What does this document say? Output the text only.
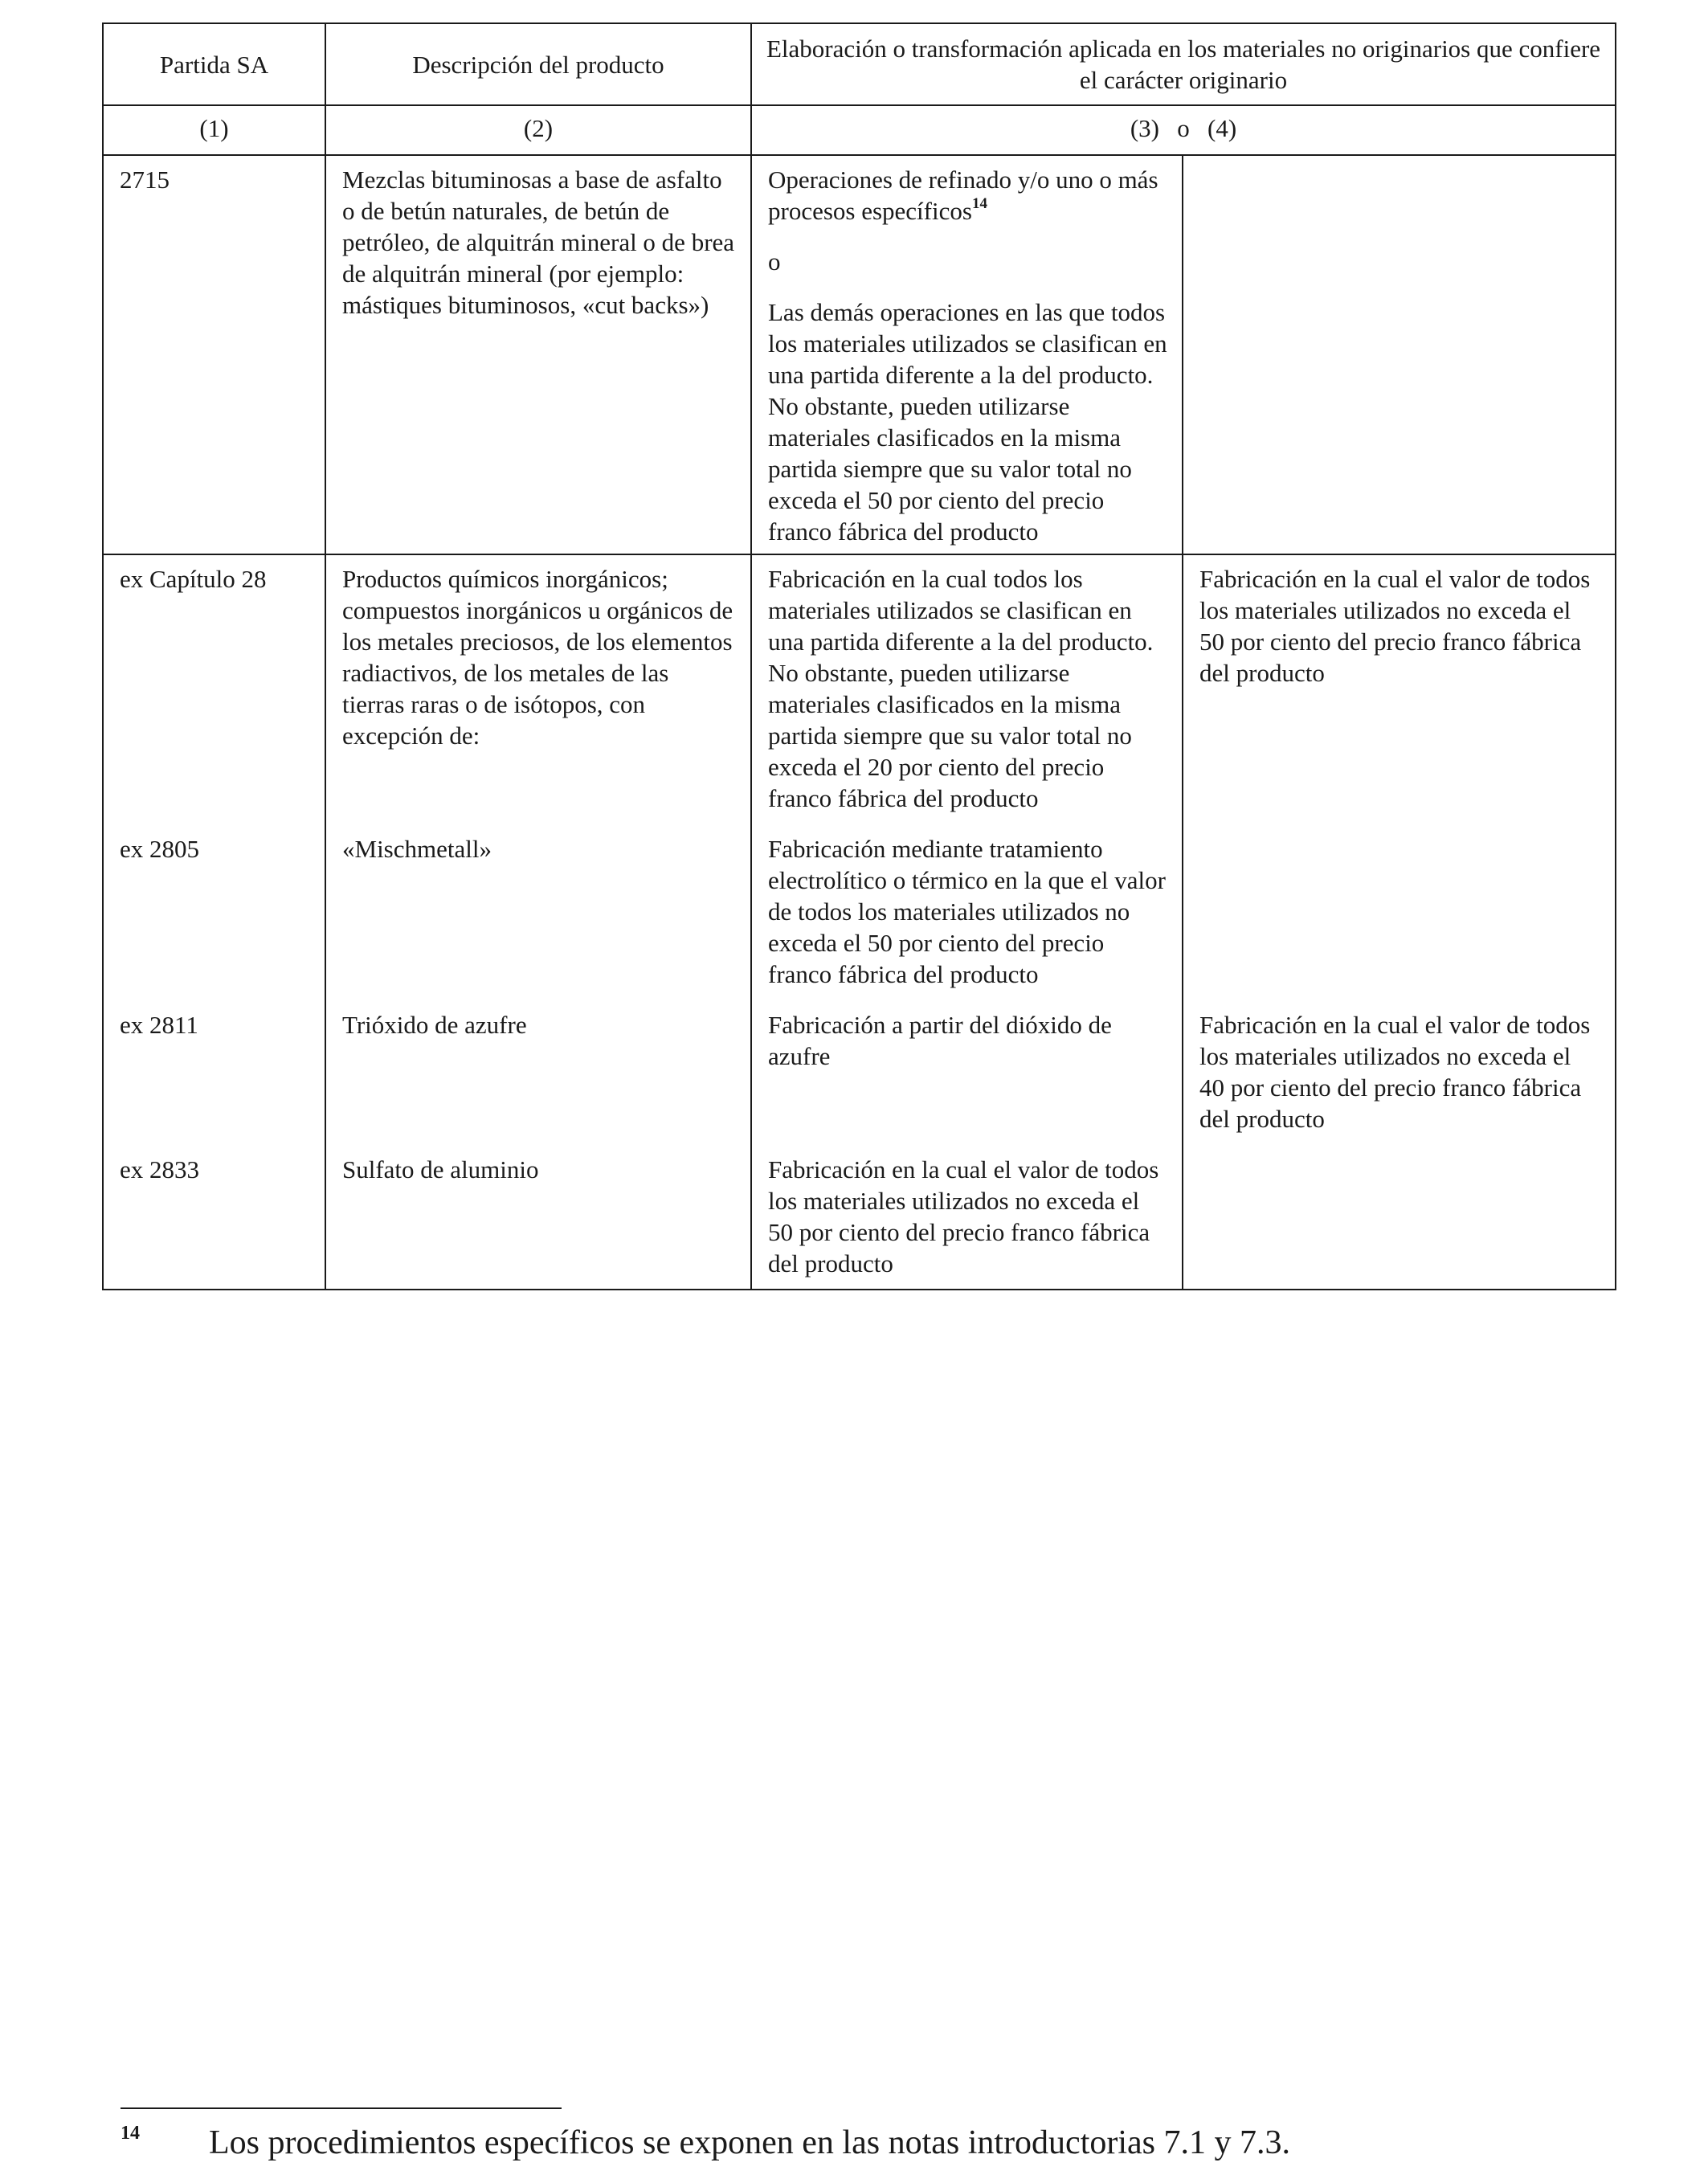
Partida SA	Descripción del producto	Elaboración o transformación aplicada en los materiales no originarios que confiere el carácter originario	
(1)	(2)	(3) o (4)	
2715	Mezclas bituminosas a base de asfalto o de betún naturales, de betún de petróleo, de alquitrán mineral o de brea de alquitrán mineral (por ejemplo: mástiques bituminosos, «cut backs»)	Operaciones de refinado y/o uno o más procesos específicos$^{14}$

o

Las demás operaciones en las que todos los materiales utilizados se clasifican en una partida diferente a la del producto. No obstante, pueden utilizarse materiales clasificados en la misma partida siempre que su valor total no exceda el 50 por ciento del precio franco fábrica del producto	

ex Capítulo 28	Productos químicos inorgánicos; compuestos inorgánicos u orgánicos de los metales preciosos, de los elementos radiactivos, de los metales de las tierras raras o de isótopos, con excepción de:	Fabricación en la cual todos los materiales utilizados se clasifican en una partida diferente a la del producto. No obstante, pueden utilizarse materiales clasificados en la misma partida siempre que su valor total no exceda el 20 por ciento del precio franco fábrica del producto	Fabricación en la cual el valor de todos los materiales utilizados no exceda el 50 por ciento del precio franco fábrica del producto
ex 2805	«Mischmetall»	Fabricación mediante tratamiento electrolítico o térmico en la que el valor de todos los materiales utilizados no exceda el 50 por ciento del precio franco fábrica del producto	
ex 2811	Trióxido de azufre	Fabricación a partir del dióxido de azufre	Fabricación en la cual el valor de todos los materiales utilizados no exceda el 40 por ciento del precio franco fábrica del producto
ex 2833	Sulfato de aluminio	Fabricación en la cual el valor de todos los materiales utilizados no exceda el 50 por ciento del precio franco fábrica del producto	
14 Los procedimientos específicos se exponen en las notas introductorias 7.1 y 7.3.
